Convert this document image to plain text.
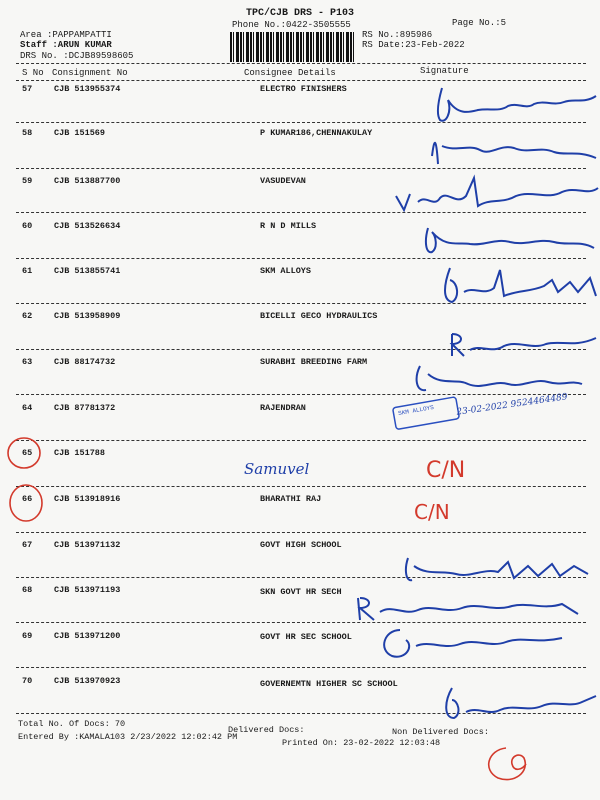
TPC/CJB DRS - P103
Phone No.:0422-3505555	Page No.:5
Area :PAPPAMPATTI
Staff :ARUN KUMAR
DRS No. :DCJB89598605
RS No.:895986
RS Date:23-Feb-2022
S No Consignment No	Consignee Details	Signature
57	CJB 513955374	ELECTRO FINISHERS
58	CJB 151569	P KUMAR186,CHENNAKULAY
59	CJB 513887700	VASUDEVAN
60	CJB 513526634	R N D MILLS
61	CJB 513855741	SKM ALLOYS
62	CJB 513958909	BICELLI GECO HYDRAULICS
63	CJB 88174732	SURABHI BREEDING FARM
64	CJB 87781372	RAJENDRAN
65	CJB 151788
66	CJB 513918916	BHARATHI RAJ
67	CJB 513971132	GOVT HIGH SCHOOL
68	CJB 513971193	SKN GOVT HR SECH
69	CJB 513971200	GOVT HR SEC SCHOOL
70	CJB 513970923	GOVERNEMTN HIGHER SC SCHOOL
SKM ALLOYS 23-02-2022 9524464489
Samuvel	C/N
C/N
Total No. Of Docs: 70
Delivered Docs:	Non Delivered Docs:
Entered By :KAMALA103 2/23/2022 12:02:42 PM
Printed On: 23-02-2022 12:03:48
